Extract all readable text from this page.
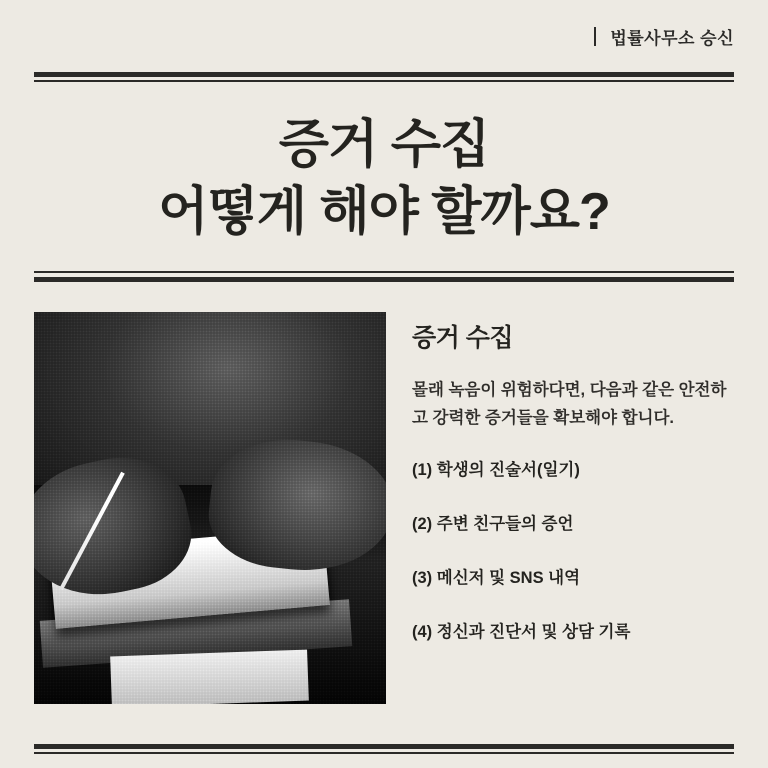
법률사무소 승신
증거 수집
어떻게 해야 할까요?
증거 수집

몰래 녹음이 위험하다면, 다음과 같은 안전하고 강력한 증거들을 확보해야 합니다.

(1) 학생의 진술서(일기)
(2) 주변 친구들의 증언
(3) 메신저 및 SNS 내역
(4) 정신과 진단서 및 상담 기록
